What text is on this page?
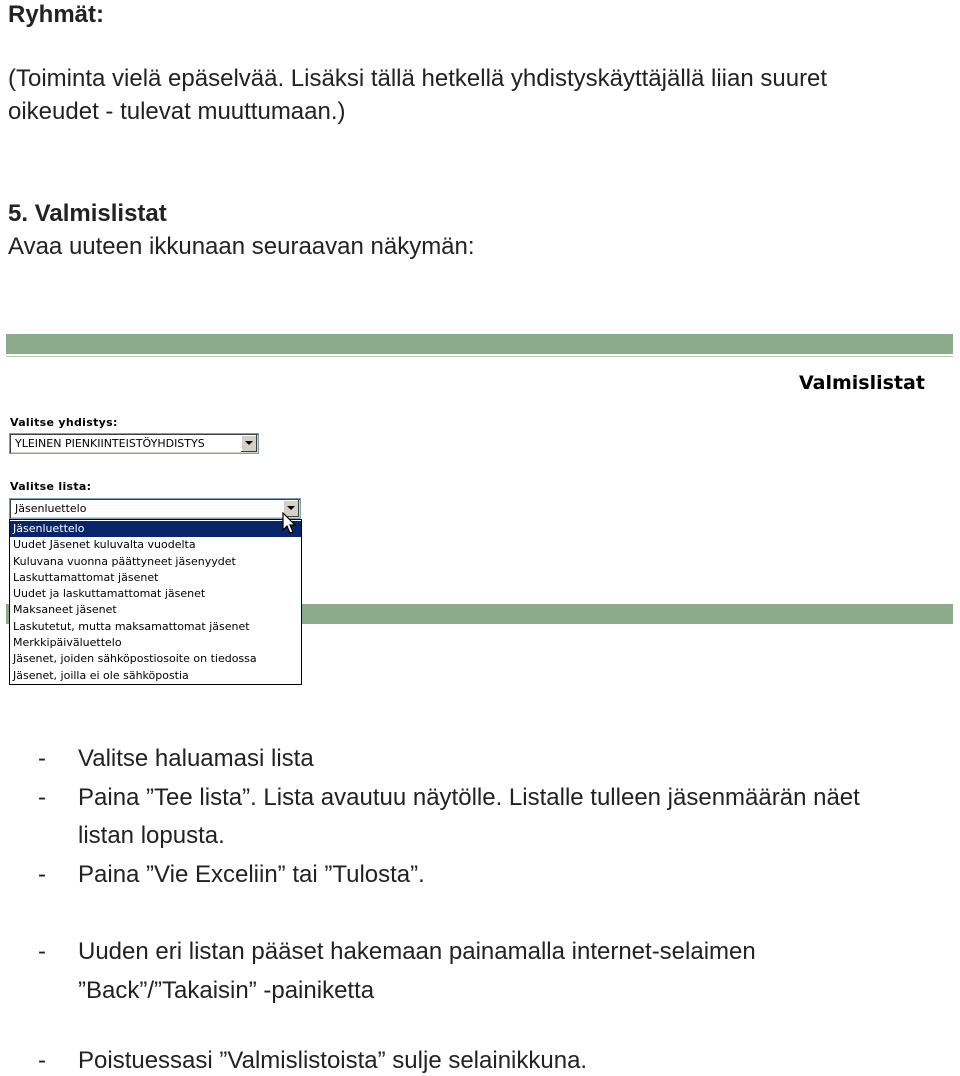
Ryhmät:
(Toiminta vielä epäselvää. Lisäksi tällä hetkellä yhdistyskäyttäjällä liian suuret
oikeudet - tulevat muuttumaan.)
5. Valmislistat
Avaa uuteen ikkunaan seuraavan näkymän:
Valmislistat
Valitse yhdistys:
YLEINEN PIENKIINTEISTÖYHDISTYS
Valitse lista:
Jäsenluettelo
Jäsenluettelo
Uudet Jäsenet kuluvalta vuodelta
Kuluvana vuonna päättyneet jäsenyydet
Laskuttamattomat jäsenet
Uudet ja laskuttamattomat jäsenet
Maksaneet jäsenet
Laskutetut, mutta maksamattomat jäsenet
Merkkipäiväluettelo
Jäsenet, joiden sähköpostiosoite on tiedossa
Jäsenet, joilla ei ole sähköpostia
- Valitse haluamasi lista
- Paina ”Tee lista”. Lista avautuu näytölle. Listalle tulleen jäsenmäärän näet
listan lopusta.
- Paina ”Vie Exceliin” tai ”Tulosta”.
- Uuden eri listan pääset hakemaan painamalla internet-selaimen
”Back”/”Takaisin” -painiketta
- Poistuessasi ”Valmislistoista” sulje selainikkuna.
